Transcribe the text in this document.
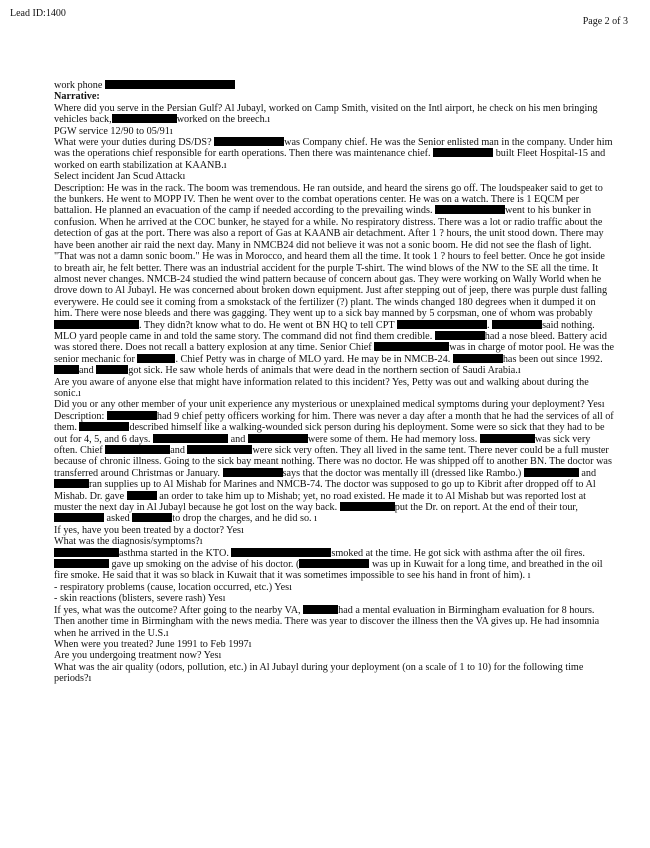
Lead ID:1400
Page 2 of 3

work phone

Narrative:

Where did you serve in the Persian Gulf? Al Jubayl, worked on Camp Smith, visited on the Intl airport, he check on his men bringing vehicles back,	worked on the breech.ı

PGW service 12/90 to 05/91ı

What were your duties during DS/DS?	was Company chief. He was the Senior enlisted man in the company. Under him was the operations chief responsible for earth operations. Then there was maintenance chief.	built Fleet Hospital-15 and worked on earth stabilization at KAANB.ı

Select incident Jan Scud Attackı

Description: He was in the rack. The boom was tremendous. He ran outside, and heard the sirens go off. The loudspeaker said to get to the bunkers. He went to MOPP IV. Then he went over to the combat operations center. He was on a watch. There is 1 EQCM per battalion. He planned an evacuation of the camp if needed according to the prevailing winds.	went to his bunker in confusion. When he arrived at the COC bunker, he stayed for a while. No respiratory distress. There was a lot or radio traffic about the detection of gas at the port. There was also a report of Gas at KAANB air detachment. After 1 ? hours, the unit stood down. There may have been another air raid the next day. Many in NMCB24 did not believe it was not a sonic boom. He did not see the flash of light. "That was not a damn sonic boom." He was in Morocco, and heard them all the time. It took 1 ? hours to feel better. Once he got inside to breath air, he felt better. There was an industrial accident for the purple T-shirt. The wind blows of the NW to the SE all the time. It almost never changes. NMCB-24 studied the wind pattern because of concern about gas. They were working on Wally World when he drove down to Al Jubayl. He was concerned about broken down equipment. Just after stepping out of jeep, there was purple dust falling everywere. He could see it coming from a smokstack of the fertilizer (?) plant. The winds changed 180 degrees when it dumped it on him. There were nose bleeds and there was gagging. They went up to a sick bay manned by 5 corpsman, one of whom was probably . They didn?t know what to do. He went ot BN HQ to tell CPT	.	said nothing. MLO yard people came in and told the same story. The command did not find them credible.	had a nose bleed. Battery acid was stored there. Does not recall a battery explosion at any time. Senior Chief	was in charge of motor pool. He was the senior mechanic for	. Chief Petty was in charge of MLO yard. He may be in NMCB-24.	has been out since 1992. and	got sick. He saw whole herds of animals that were dead in the northern section of Saudi Arabia.ı

Are you aware of anyone else that might have information related to this incident? Yes, Petty was out and walking about during the sonic.ı

Did you or any other member of your unit experience any mysterious or unexplained medical symptoms during your deployment? Yesı

Description:	had 9 chief petty officers working for him. There was never a day after a month that he had the services of all of them.	described himself like a walking-wounded sick person during his deployment. Some were so sick that they had to be out for 4, 5, and 6 days.	and	were some of them. He had memory loss.	was sick very often. Chief	and	were sick very often. They all lived in the same tent. There never could be a full muster because of chronic illness. Going to the sick bay meant nothing. There was no doctor. He was shipped off to another BN. The doctor was transferred around Christmas or January.	says that the doctor was mentally ill (dressed like Rambo.)	and ran supplies up to Al Mishab for Marines and NMCB-74. The doctor was supposed to go up to Kibrit after dropped off to Al Mishab. Dr. gave	an order to take him up to Mishab; yet, no road existed. He made it to Al Mishab but was reported lost at muster the next day in Al Jubayl because he got lost on the way back.	put the Dr. on report. At the end of their tour,  asked	to drop the charges, and he did so. ı

If yes, have you been treated by a doctor? Yesı

What was the diagnosis/symptoms?ı

asthma started in the KTO.	smoked at the time. He got sick with asthma after the oil fires.  gave up smoking on the advise of his doctor. (	was up in Kuwait for a long time, and breathed in the oil fire smoke. He said that it was so black in Kuwait that it was sometimes impossible to see his hand in front of him). ı

- respiratory problems (cause, location occurred, etc.) Yesı

- skin reactions (blisters, severe rash) Yesı

If yes, what was the outcome? After going to the nearby VA,	had a mental evaluation in Birmingham evaluation for 8 hours. Then another time in Birmingham with the news media. There was year to discover the illness then the VA gives up. He had insomnia when he arrived in the U.S.ı

When were you treated? June 1991 to Feb 1997ı

Are you undergoing treatment now? Yesı

What was the air quality (odors, pollution, etc.) in Al Jubayl during your deployment (on a scale of 1 to 10) for the following time periods?ı
